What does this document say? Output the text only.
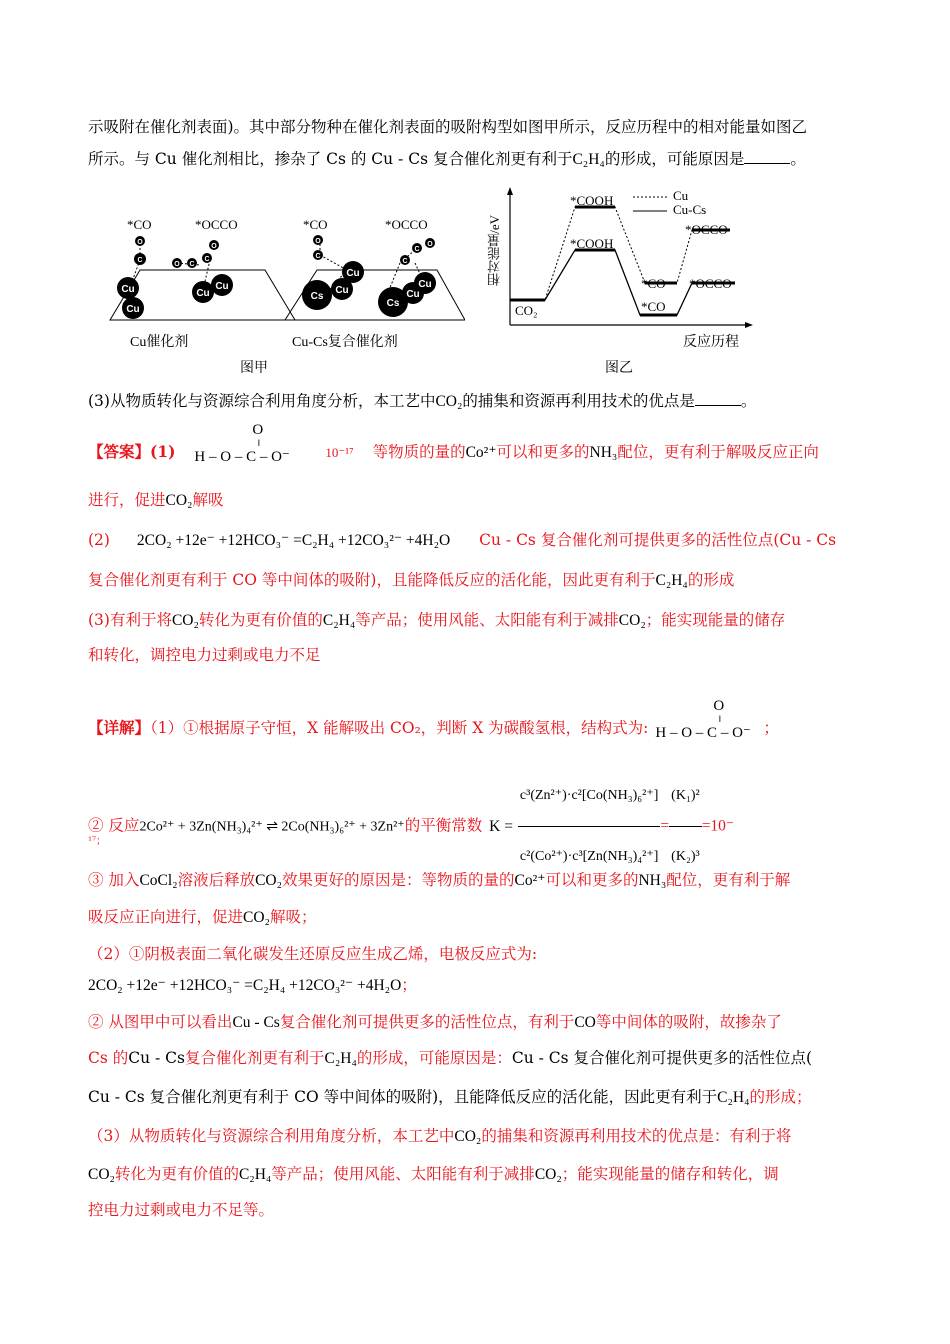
示吸附在催化剂表面)。其中部分物种在催化剂表面的吸附构型如图甲所示，反应历程中的相对能量如图乙
所示。与 Cu 催化剂相比，掺杂了 Cs 的 Cu - Cs 复合催化剂更有利于C₂H₄的形成，可能原因是	。
*CO	*OCCO	*CO	*OCCO
Cu催化剂	Cu-Cs复合催化剂
图甲
O
C
O C
C
O
Cu
Cu
Cu
Cu
O
C
Cu
Cs
Cu
C
C
O
Cs
Cu
Cu	相对能量/eV
Cu
Cu-Cs
*COOH
*COOH
CO₂
*CO
*CO
*OCCO
*OCCO
反应历程
图乙
(3)从物质转化与资源综合利用角度分析，本工艺中CO₂的捕集和资源再利用技术的优点是	。
【答案】(1)
O
‖
H – O – C – O⁻	10⁻¹⁷ 等物质的量的Co²⁺可以和更多的NH₃配位，更有利于解吸反应正向
进行，促进CO₂解吸
(2) 2CO₂ +12e⁻ +12HCO₃⁻ =C₂H₄ +12CO₃²⁻ +4H₂O Cu - Cs 复合催化剂可提供更多的活性位点(Cu - Cs
复合催化剂更有利于 CO 等中间体的吸附)，且能降低反应的活化能，因此更有利于C₂H₄的形成
(3)有利于将CO₂转化为更有价值的C₂H₄等产品；使用风能、太阳能有利于减排CO₂；能实现能量的储存
和转化，调控电力过剩或电力不足
【详解】（1）①根据原子守恒，X 能解吸出 CO₂，判断 X 为碳酸氢根，结构式为:
O
‖
H – O – C – O⁻ ；
② 反应2Co²⁺ + 3Zn(NH₃)₄²⁺ ⇌ 2Co(NH₃)₆²⁺ + 3Zn²⁺的平衡常数 $K = \frac{\text{c³(Zn²⁺)·c²[Co(NH₃)₆²⁺]}}{\text{c²(Co²⁺)·c³[Zn(NH₃)₄²⁺]}} = \frac{\text{(K₁)²}}{\text{(K₂)³}} =10^-$
¹⁷；
③ 加入CoCl₂溶液后释放CO₂效果更好的原因是：等物质的量的Co²⁺可以和更多的NH₃配位，更有利于解
吸反应正向进行，促进CO₂解吸；
（2）①阴极表面二氧化碳发生还原反应生成乙烯，电极反应式为:
2CO₂ +12e⁻ +12HCO₃⁻ =C₂H₄ +12CO₃²⁻ +4H₂O；
② 从图甲中可以看出Cu - Cs复合催化剂可提供更多的活性位点，有利于CO等中间体的吸附，故掺杂了
Cs 的Cu - Cs复合催化剂更有利于C₂H₄的形成，可能原因是：Cu - Cs 复合催化剂可提供更多的活性位点(
Cu - Cs 复合催化剂更有利于 CO 等中间体的吸附)，且能降低反应的活化能，因此更有利于C₂H₄的形成；
（3）从物质转化与资源综合利用角度分析，本工艺中CO₂的捕集和资源再利用技术的优点是：有利于将
CO₂转化为更有价值的C₂H₄等产品；使用风能、太阳能有利于减排CO₂；能实现能量的储存和转化，调
控电力过剩或电力不足等。
